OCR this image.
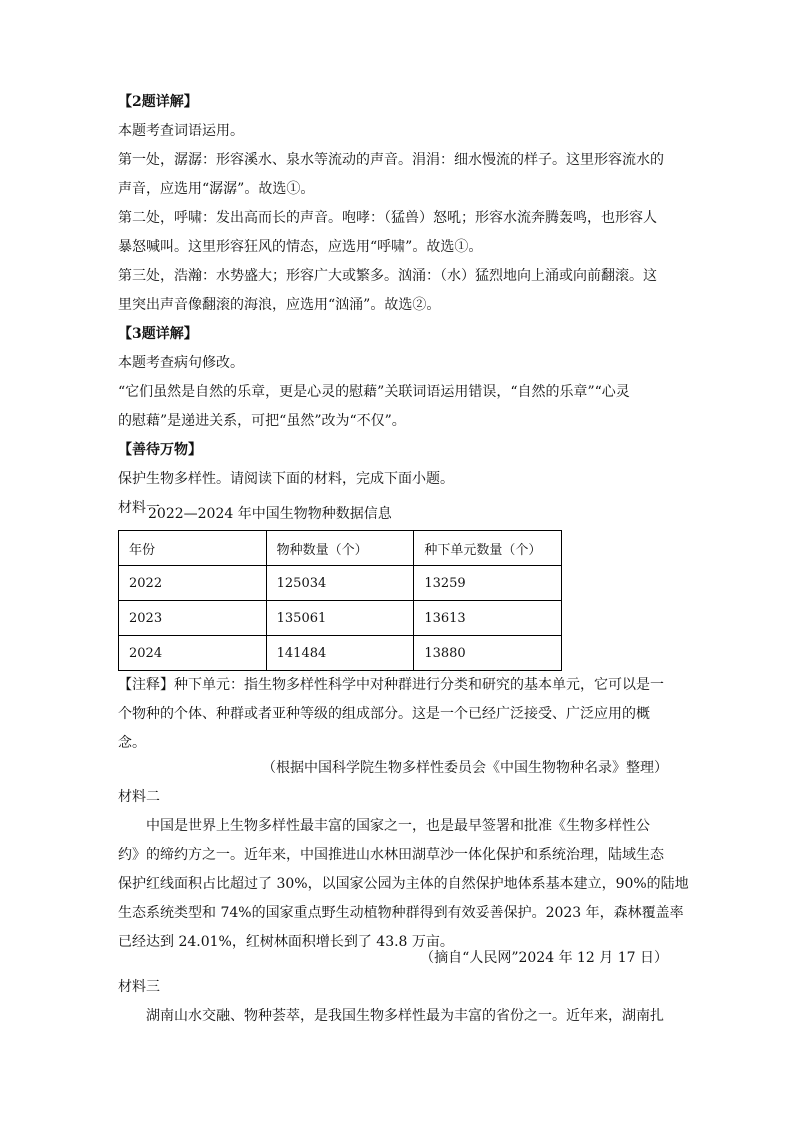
【2题详解】
本题考查词语运用。
第一处，潺潺：形容溪水、泉水等流动的声音。涓涓：细水慢流的样子。这里形容流水的
声音，应选用“潺潺”。故选①。
第二处，呼啸：发出高而长的声音。咆哮：（猛兽）怒吼；形容水流奔腾轰鸣，也形容人
暴怒喊叫。这里形容狂风的情态，应选用“呼啸”。故选①。
第三处，浩瀚：水势盛大；形容广大或繁多。汹涌：（水）猛烈地向上涌或向前翻滚。这
里突出声音像翻滚的海浪，应选用“汹涌”。故选②。
【3题详解】
本题考查病句修改。
“它们虽然是自然的乐章，更是心灵的慰藉”关联词语运用错误，“自然的乐章”“心灵
的慰藉”是递进关系，可把“虽然”改为“不仅”。
【善待万物】
保护生物多样性。请阅读下面的材料，完成下面小题。
材料一
2022—2024 年中国生物物种数据信息
年份	物种数量（个）	种下单元数量（个）
2022	125034	13259
2023	135061	13613
2024	141484	13880
【注释】种下单元：指生物多样性科学中对种群进行分类和研究的基本单元，它可以是一
个物种的个体、种群或者亚种等级的组成部分。这是一个已经广泛接受、广泛应用的概
念。
（根据中国科学院生物多样性委员会《中国生物物种名录》整理）
材料二
中国是世界上生物多样性最丰富的国家之一，也是最早签署和批准《生物多样性公
约》的缔约方之一。近年来，中国推进山水林田湖草沙一体化保护和系统治理，陆域生态
保护红线面积占比超过了 30%，以国家公园为主体的自然保护地体系基本建立，90%的陆地
生态系统类型和 74%的国家重点野生动植物种群得到有效妥善保护。2023 年，森林覆盖率
已经达到 24.01%，红树林面积增长到了 43.8 万亩。
（摘自“人民网”2024 年 12 月 17 日）
材料三
湖南山水交融、物种荟萃，是我国生物多样性最为丰富的省份之一。近年来，湖南扎
